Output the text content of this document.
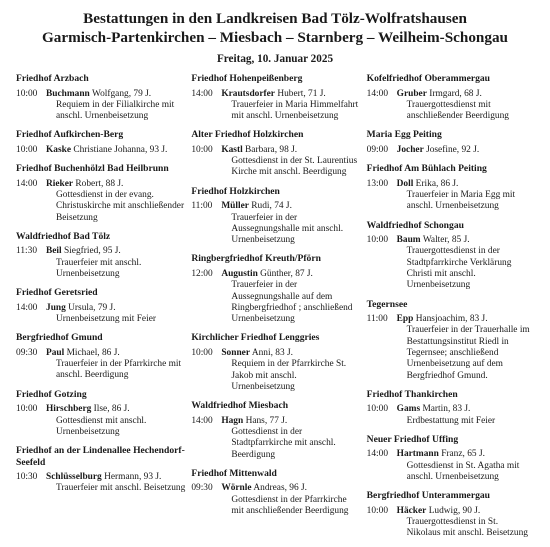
Bestattungen in den Landkreisen Bad Tölz-Wolfratshausen
Garmisch-Partenkirchen – Miesbach – Starnberg – Weilheim-Schongau
Freitag, 10. Januar 2025
Friedhof Arzbach
10:00 Buchmann Wolfgang, 79 J.
Requiem in der Filialkirche mit anschl. Urnenbeisetzung
Friedhof Aufkirchen-Berg
10:00 Kaske Christiane Johanna, 93 J.
Friedhof Buchenhölzl Bad Heilbrunn
14:00 Rieker Robert, 88 J.
Gottesdienst in der evang. Christuskirche mit anschließender Beisetzung
Waldfriedhof Bad Tölz
11:30 Beil Siegfried, 95 J.
Trauerfeier mit anschl. Urnenbeisetzung
Friedhof Geretsried
14:00 Jung Ursula, 79 J.
Urnenbeisetzung mit Feier
Bergfriedhof Gmund
09:30 Paul Michael, 86 J.
Trauerfeier in der Pfarrkirche mit anschl. Beerdigung
Friedhof Gotzing
10:00 Hirschberg Ilse, 86 J.
Gottesdienst mit anschl. Urnenbeisetzung
Friedhof an der Lindenallee Hechendorf-Seefeld
10:30 Schlüsselburg Hermann, 93 J.
Trauerfeier mit anschl. Beisetzung
Friedhof Hohenpeißenberg
14:00 Krautsdorfer Hubert, 71 J.
Trauerfeier in Maria Himmelfahrt mit anschl. Urnenbeisetzung
Alter Friedhof Holzkirchen
10:00 Kastl Barbara, 98 J.
Gottesdienst in der St. Laurentius Kirche mit anschl. Beerdigung
Friedhof Holzkirchen
11:00 Müller Rudi, 74 J.
Trauerfeier in der Aussegnungshalle mit anschl. Urnenbeisetzung
Ringbergfriedhof Kreuth/Pförn
12:00 Augustin Günther, 87 J.
Trauerfeier in der Aussegnungshalle auf dem Ringbergfriedhof ; anschließend Urnenbeisetzung
Kirchlicher Friedhof Lenggries
10:00 Sonner Anni, 83 J.
Requiem in der Pfarrkirche St. Jakob mit anschl. Urnenbeisetzung
Waldfriedhof Miesbach
14:00 Hagn Hans, 77 J.
Gottesdienst in der Stadtpfarrkirche mit anschl. Beerdigung
Friedhof Mittenwald
09:30 Wörnle Andreas, 96 J.
Gottesdienst in der Pfarrkirche mit anschließender Beerdigung
Kofelfriedhof Oberammergau
14:00 Gruber Irmgard, 68 J.
Trauergottesdienst mit anschließender Beerdigung
Maria Egg Peiting
09:00 Jocher Josefine, 92 J.
Friedhof Am Bühlach Peiting
13:00 Doll Erika, 86 J.
Trauerfeier in Maria Egg mit anschl. Urnenbeisetzung
Waldfriedhof Schongau
10:00 Baum Walter, 85 J.
Trauergottesdienst in der Stadtpfarrkirche Verklärung Christi mit anschl. Urnenbeisetzung
Tegernsee
11:00 Epp Hansjoachim, 83 J.
Trauerfeier in der Trauerhalle im Bestattungsinstitut Riedl in Tegernsee; anschließend Urnenbeisetzung auf dem Bergfriedhof Gmund.
Friedhof Thankirchen
10:00 Gams Martin, 83 J.
Erdbestattung mit Feier
Neuer Friedhof Uffing
14:00 Hartmann Franz, 65 J.
Gottesdienst in St. Agatha mit anschl. Urnenbeisetzung
Bergfriedhof Unterammergau
10:00 Häcker Ludwig, 90 J.
Trauergottesdienst in St. Nikolaus mit anschl. Beisetzung
